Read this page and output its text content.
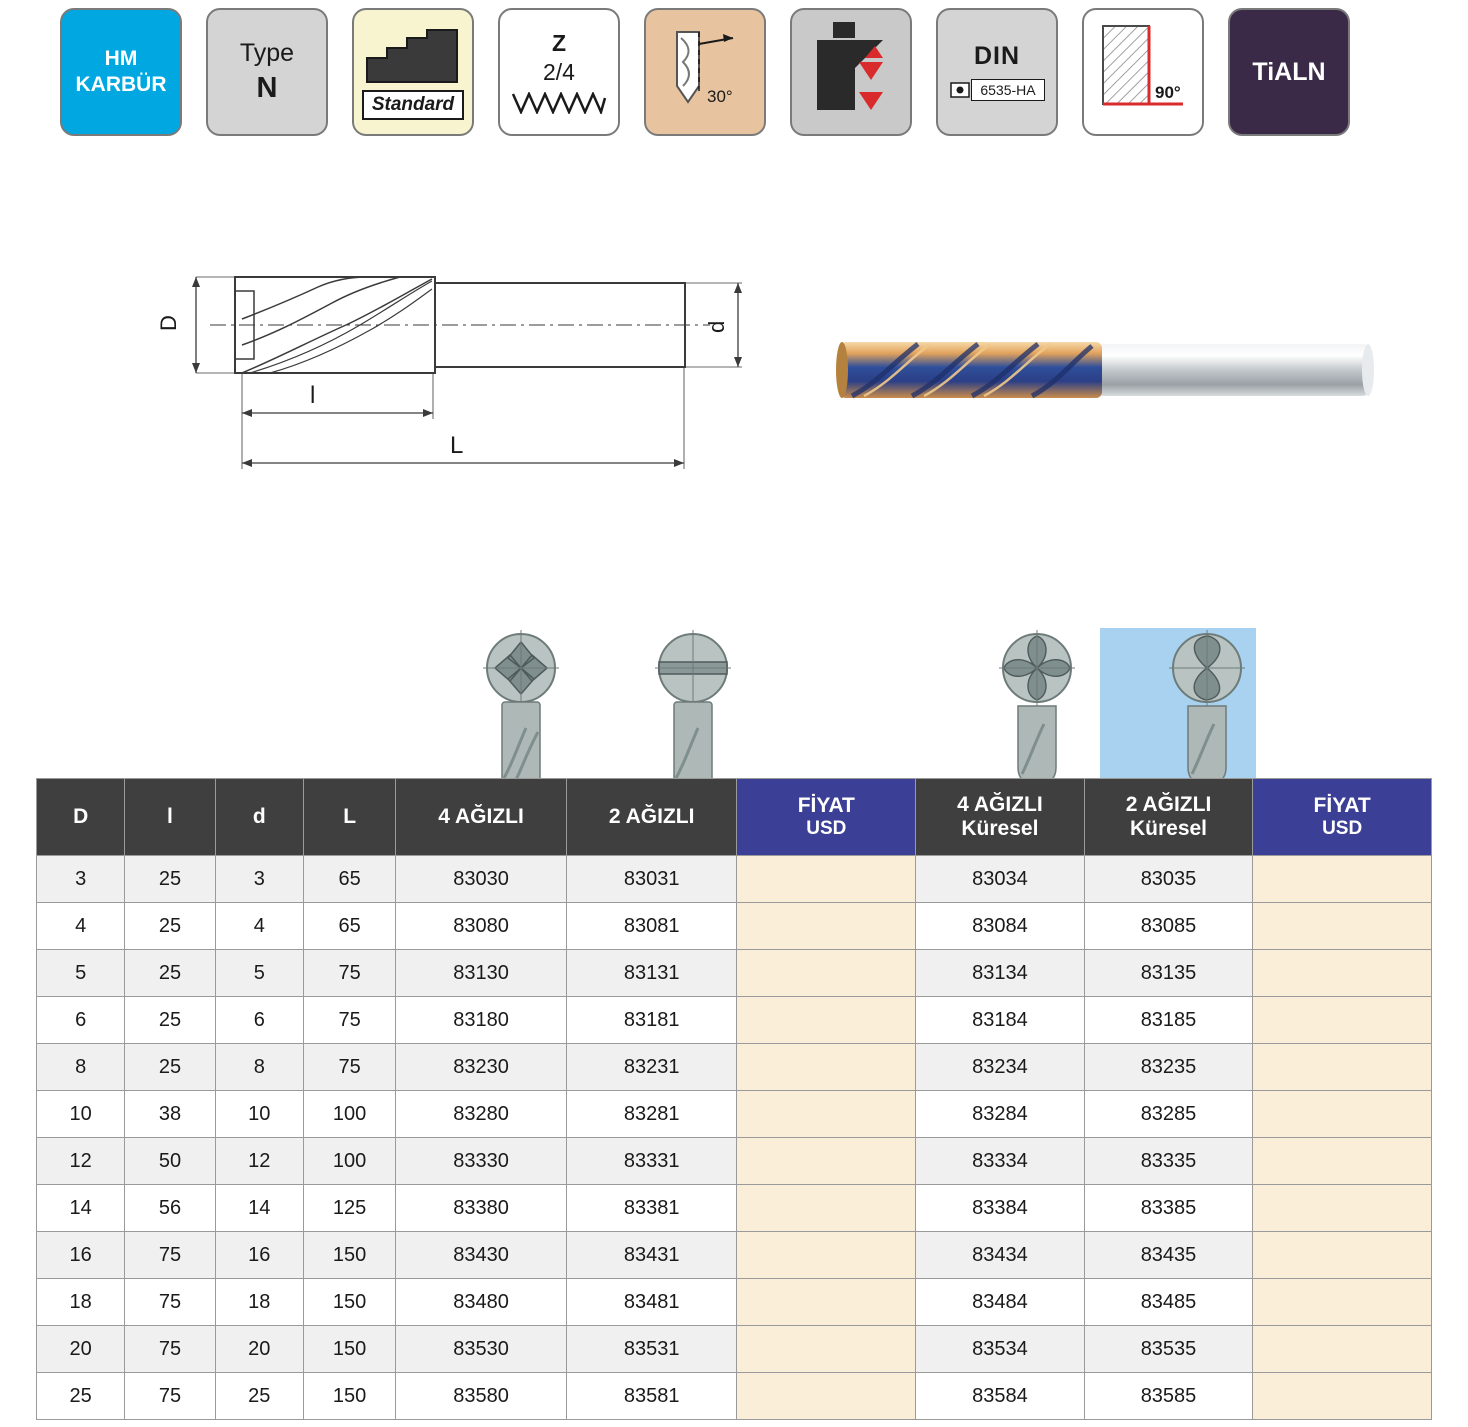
HM
KARBÜR
Type
N
Standard
Z
2/4
30°
DIN
6535-HA	90°
TiALN
D	d
l
L
D	l	d	L	4 AĞIZLI	2 AĞIZLI	FİYAT
USD	4 AĞIZLI Küresel	2 AĞIZLI Küresel	FİYAT
USD

3	25	3	65	83030	83031		83034	83035	
4	25	4	65	83080	83081		83084	83085	
5	25	5	75	83130	83131		83134	83135	
6	25	6	75	83180	83181		83184	83185	
8	25	8	75	83230	83231		83234	83235	
10	38	10	100	83280	83281		83284	83285	
12	50	12	100	83330	83331		83334	83335	
14	56	14	125	83380	83381		83384	83385	
16	75	16	150	83430	83431		83434	83435	
18	75	18	150	83480	83481		83484	83485	
20	75	20	150	83530	83531		83534	83535	
25	75	25	150	83580	83581		83584	83585	
